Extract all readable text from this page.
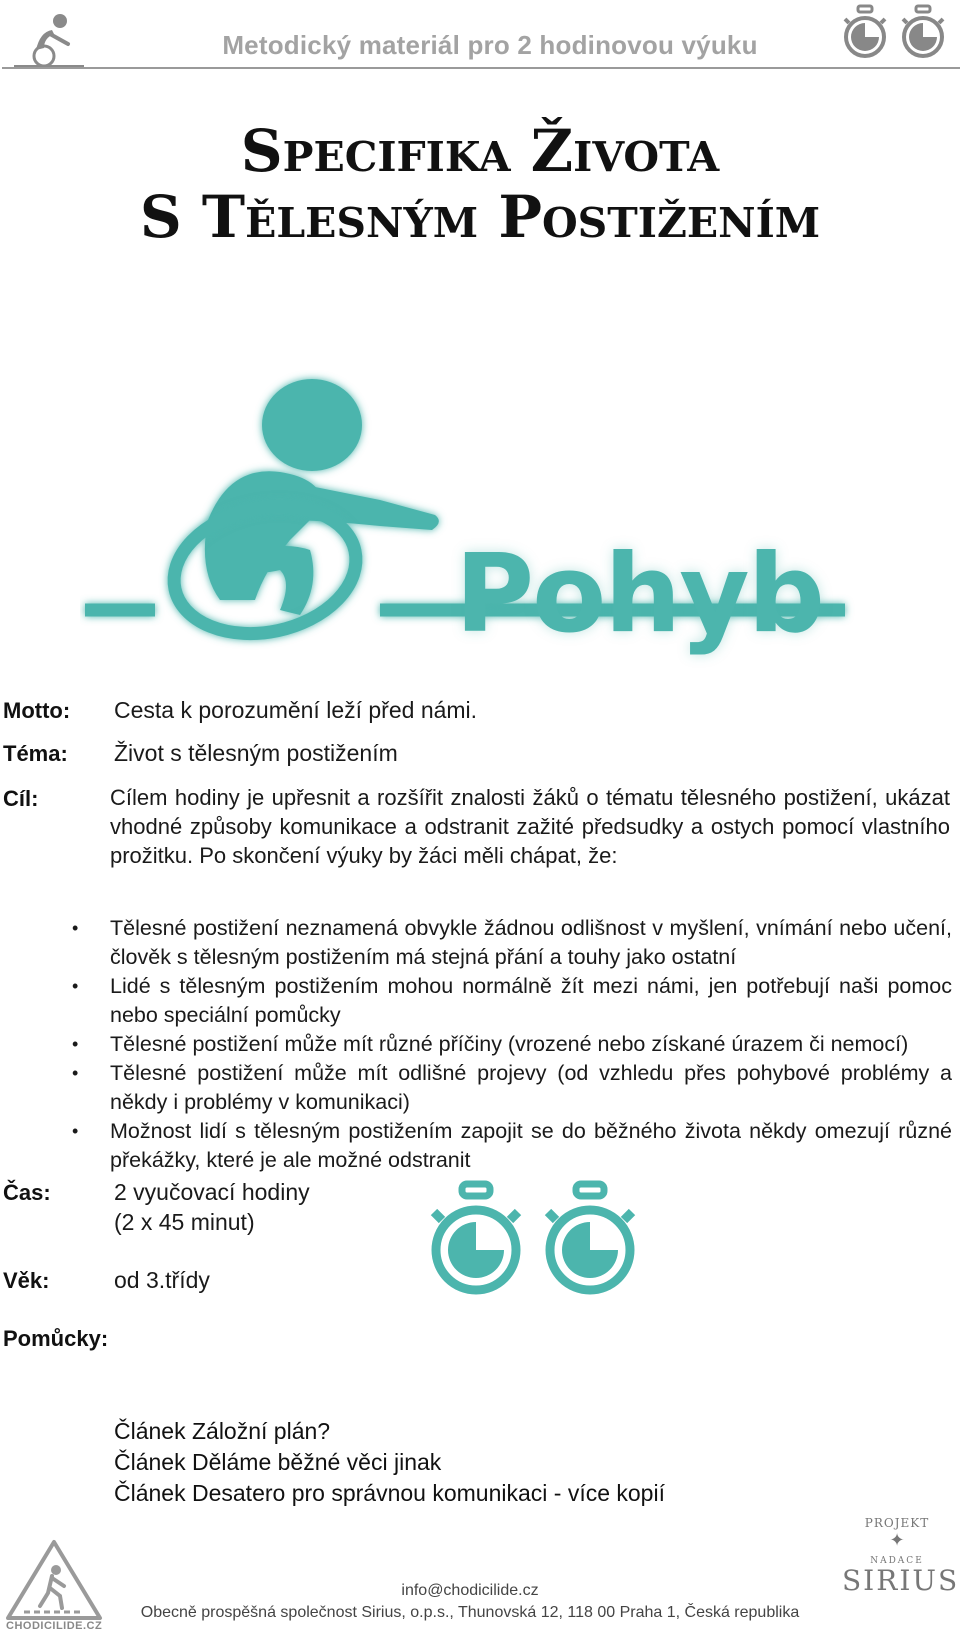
Metodický materiál pro 2 hodinovou výuku
Specifika Života
S Tělesným Postižením
Pohyb
Motto: Cesta k porozumění leží před námi.
Téma: Život s tělesným postižením
Cíl:	Cílem hodiny je upřesnit a rozšířit znalosti žáků o tématu tělesného postižení, ukázat vhodné způsoby komunikace a odstranit zažité předsudky a ostych pomocí vlastního prožitku. Po skončení výuky by žáci měli chápat, že:
• Tělesné postižení neznamená obvykle žádnou odlišnost v myšlení, vnímání nebo učení, člověk s tělesným postižením má stejná přání a touhy jako ostatní
• Lidé s tělesným postižením mohou normálně žít mezi námi, jen potřebují naši pomoc nebo speciální pomůcky
• Tělesné postižení může mít různé příčiny (vrozené nebo získané úrazem či nemocí)
• Tělesné postižení může mít odlišné projevy (od vzhledu přes pohybové problémy a někdy i problémy v komunikaci)
• Možnost lidí s tělesným postižením zapojit se do běžného života někdy omezují různé překážky, které je ale možné odstranit
Čas:	2 vyučovací hodiny
(2 x 45 minut)
Věk:	od 3.třídy
Pomůcky:
Článek Záložní plán?
Článek Děláme běžné věci jinak
Článek Desatero pro správnou komunikaci - více kopií
CHODICILIDE.CZ
info@chodicilide.cz
Obecně prospěšná společnost Sirius, o.p.s., Thunovská 12, 118 00 Praha 1, Česká republika
PROJEKT
✦
NADACE
SIRIUS
